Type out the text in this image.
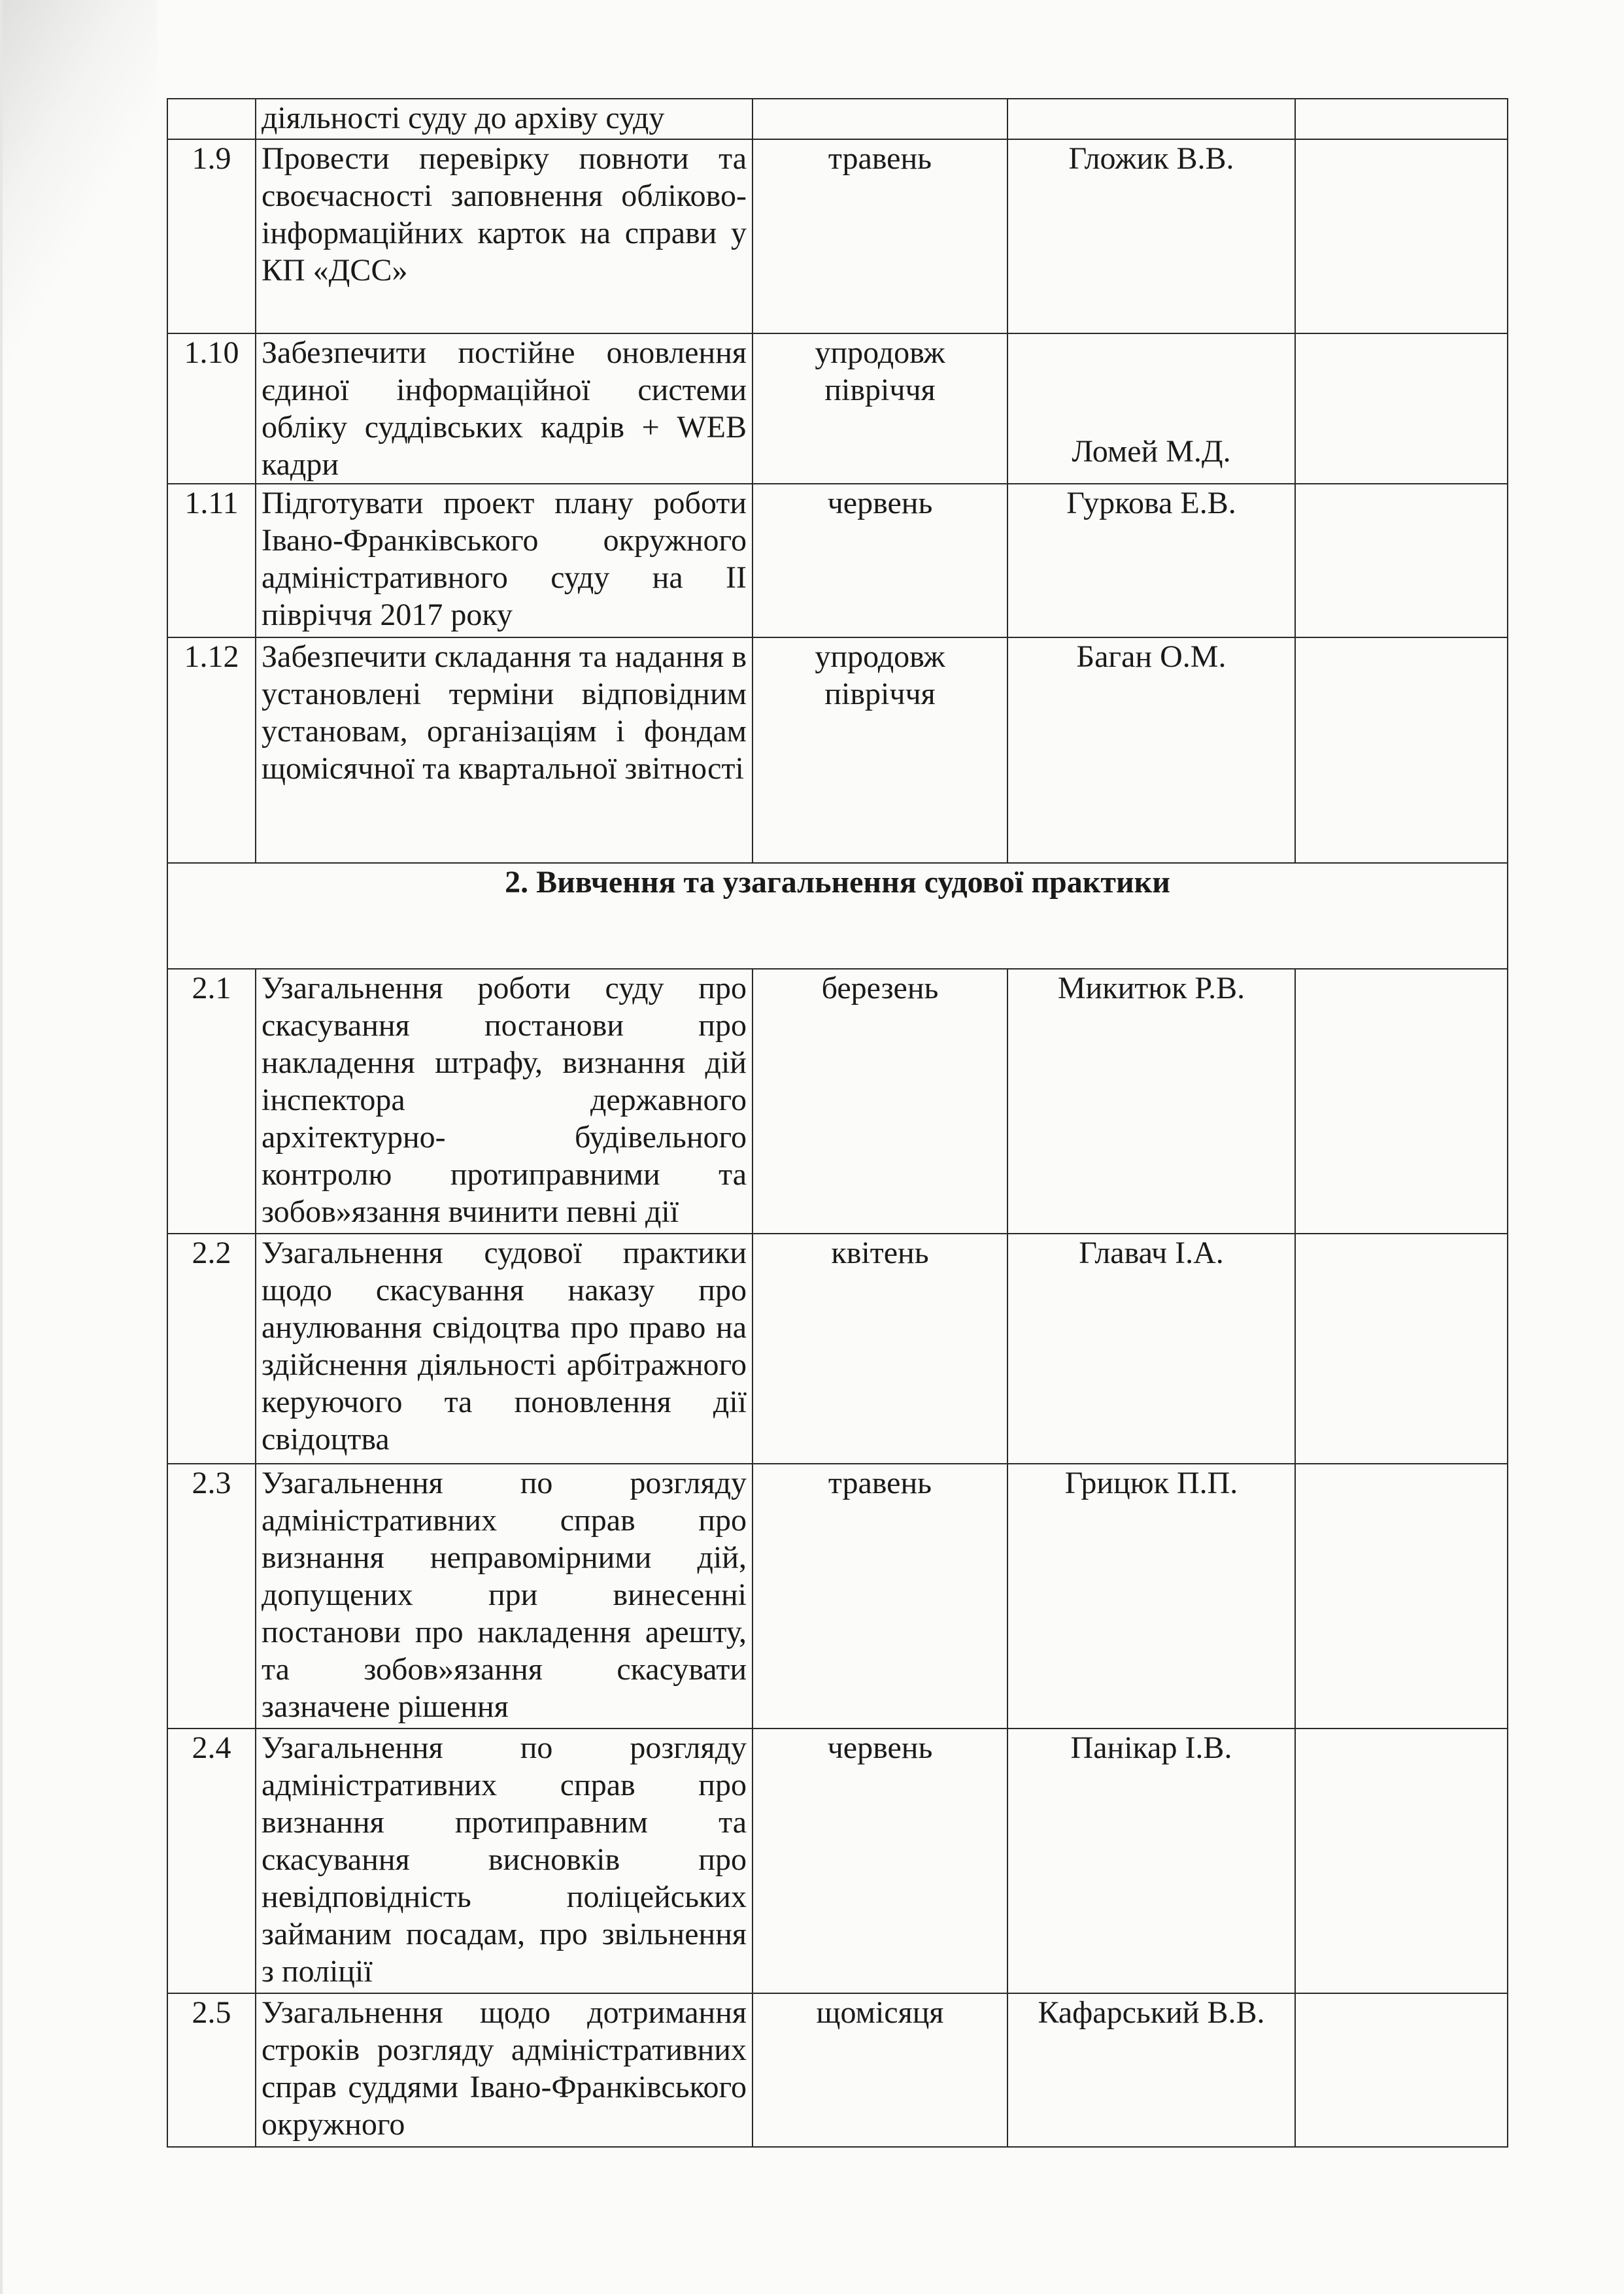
	діяльності суду до архіву суду			
1.9	Провести перевірку повноти та своєчасності заповнення обліково- інформаційних карток на справи у КП «ДСС»	травень	Гложик В.В.	
1.10	Забезпечити постійне оновлення єдиної інформаційної системи обліку суддівських кадрів + WEB кадри	упродовж півріччя	Ломей М.Д.	
1.11	Підготувати проект плану роботи Івано-Франківського окружного адміністративного суду на ІІ півріччя 2017 року	червень	Гуркова Е.В.	
1.12	Забезпечити складання та надання в установлені терміни відповідним установам, організаціям і фондам щомісячної та квартальної звітності	упродовж півріччя	Баган О.М.	
2. Вивчення та узагальнення судової практики				
2.1	Узагальнення роботи суду про скасування постанови про накладення штрафу, визнання дій інспектора державного архітектурно- будівельного контролю протиправними та зобов»язання вчинити певні дії	березень	Микитюк Р.В.	
2.2	Узагальнення судової практики щодо скасування наказу про анулювання свідоцтва про право на здійснення діяльності арбітражного керуючого та поновлення дії свідоцтва	квітень	Главач І.А.	
2.3	Узагальнення по розгляду адміністративних справ про визнання неправомірними дій, допущених при винесенні постанови про накладення арешту, та зобов»язання скасувати зазначене рішення	травень	Грицюк П.П.	
2.4	Узагальнення по розгляду адміністративних справ про визнання протиправним та скасування висновків про невідповідність поліцейських займаним посадам, про звільнення з поліції	червень	Панікар І.В.	
2.5	Узагальнення щодо дотримання строків розгляду адміністративних справ суддями Івано-Франківського окружного	щомісяця	Кафарський В.В.	
